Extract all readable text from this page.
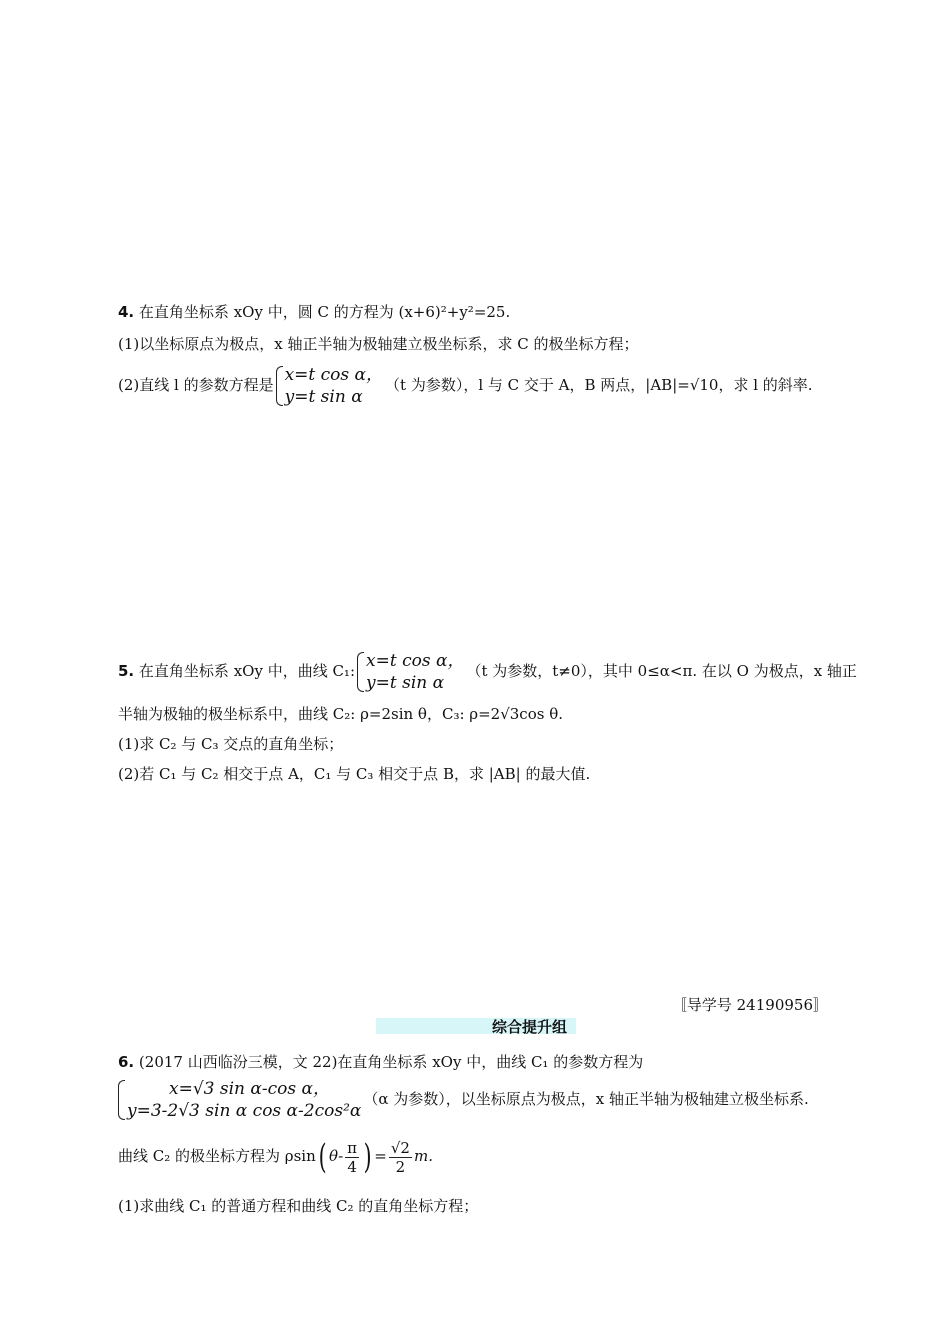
4. 在直角坐标系 xOy 中，圆 C 的方程为 (x+6)²+y²=25.
(1)以坐标原点为极点，x 轴正半轴为极轴建立极坐标系，求 C 的极坐标方程；
(2)直线 l 的参数方程是 x=t cos α，
y=t sin α
（t 为参数），l 与 C 交于 A，B 两点，|AB|=√10，求 l 的斜率.
5. 在直角坐标系 xOy 中，曲线 C₁: x=t cos α，
y=t sin α
（t 为参数，t≠0），其中 0≤α<π. 在以 O 为极点，x 轴正
半轴为极轴的极坐标系中，曲线 C₂: ρ=2sin θ，C₃: ρ=2√3cos θ.
(1)求 C₂ 与 C₃ 交点的直角坐标；
(2)若 C₁ 与 C₂ 相交于点 A，C₁ 与 C₃ 相交于点 B，求 |AB| 的最大值.
〚导学号 24190956〛
综合提升组
6. (2017 山西临汾三模，文 22)在直角坐标系 xOy 中，曲线 C₁ 的参数方程为
x=√3 sin α-cos α，
y=3-2√3 sin α cos α-2cos²α
（α 为参数），以坐标原点为极点，x 轴正半轴为极轴建立极坐标系.
曲线 C₂ 的极坐标方程为 ρsin( $\theta- \frac{\pi}{4}$ ) = $\frac{√2}{2} m$.
(1)求曲线 C₁ 的普通方程和曲线 C₂ 的直角坐标方程；
